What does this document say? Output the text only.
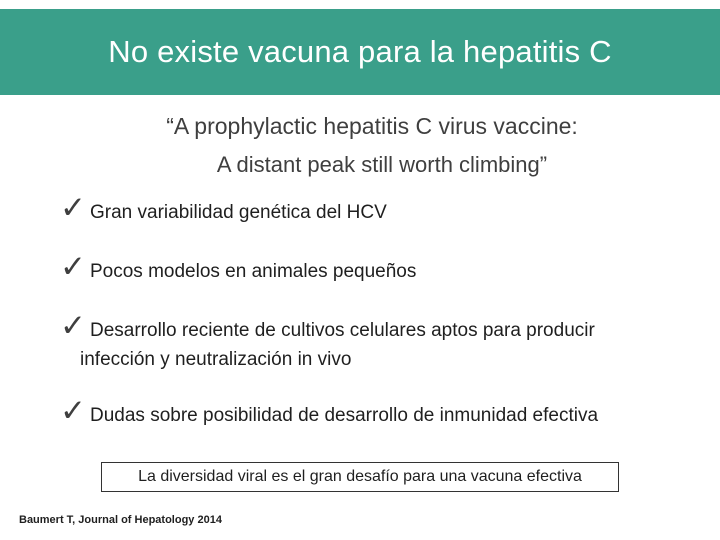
No existe vacuna para la hepatitis C
“A prophylactic hepatitis C virus vaccine:
A distant peak still worth climbing”
✓ Gran variabilidad genética del HCV
✓ Pocos modelos en animales pequeños
✓ Desarrollo reciente de cultivos celulares aptos para producir
infección y neutralización in vivo
✓ Dudas sobre posibilidad de desarrollo de inmunidad efectiva
La diversidad viral es el gran desafío para una vacuna efectiva
Baumert T, Journal of Hepatology 2014
